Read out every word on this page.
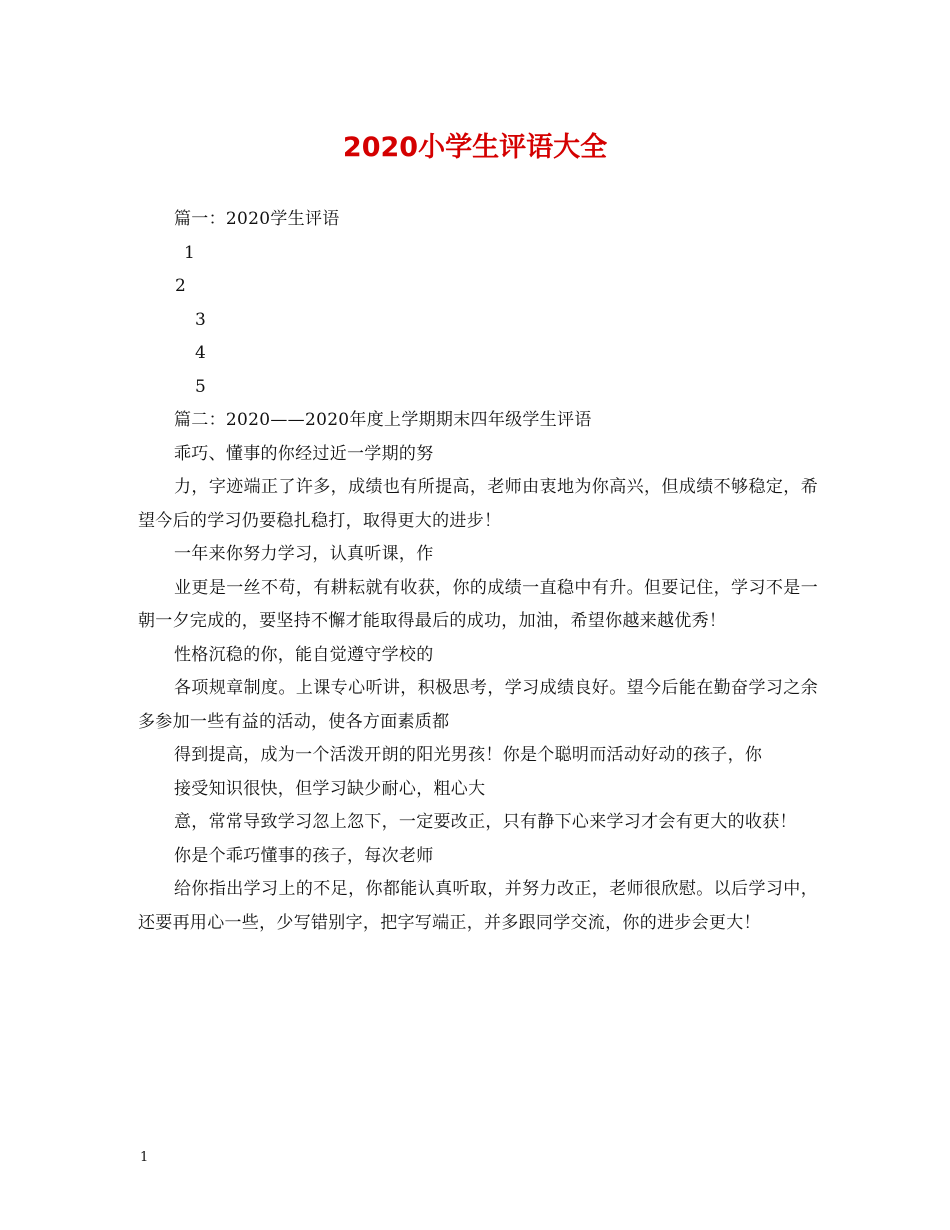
2020小学生评语大全
篇一：2020学生评语
1
2
3
4
5
篇二：2020——2020年度上学期期末四年级学生评语

乖巧、懂事的你经过近一学期的努

力，字迹端正了许多，成绩也有所提高，老师由衷地为你高兴，但成绩不够稳定，希望今后的学习仍要稳扎稳打，取得更大的进步！

一年来你努力学习，认真听课，作

业更是一丝不苟，有耕耘就有收获，你的成绩一直稳中有升。但要记住，学习不是一朝一夕完成的，要坚持不懈才能取得最后的成功，加油，希望你越来越优秀！

性格沉稳的你，能自觉遵守学校的

各项规章制度。上课专心听讲，积极思考，学习成绩良好。望今后能在勤奋学习之余多参加一些有益的活动，使各方面素质都

得到提高，成为一个活泼开朗的阳光男孩！你是个聪明而活动好动的孩子，你

接受知识很快，但学习缺少耐心，粗心大

意，常常导致学习忽上忽下，一定要改正，只有静下心来学习才会有更大的收获！

你是个乖巧懂事的孩子，每次老师

给你指出学习上的不足，你都能认真听取，并努力改正，老师很欣慰。以后学习中，还要再用心一些，少写错别字，把字写端正，并多跟同学交流，你的进步会更大！

1
